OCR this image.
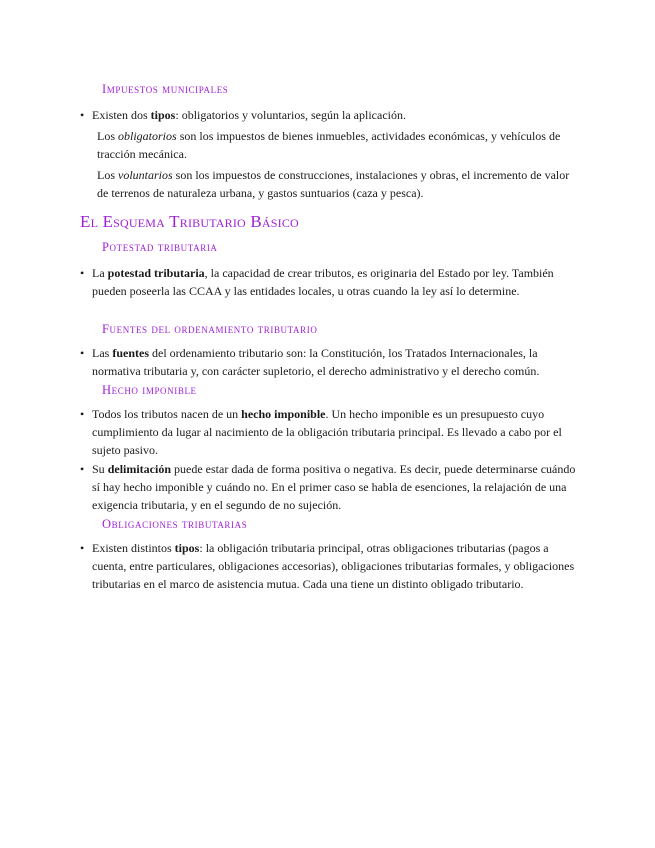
Impuestos municipales
• Existen dos tipos: obligatorios y voluntarios, según la aplicación.
Los obligatorios son los impuestos de bienes inmuebles, actividades económicas, y vehículos de tracción mecánica.
Los voluntarios son los impuestos de construcciones, instalaciones y obras, el incremento de valor de terrenos de naturaleza urbana, y gastos suntuarios (caza y pesca).
El Esquema Tributario Básico
Potestad tributaria
• La potestad tributaria, la capacidad de crear tributos, es originaria del Estado por ley. También pueden poseerla las CCAA y las entidades locales, u otras cuando la ley así lo determine.
Fuentes del ordenamiento tributario
• Las fuentes del ordenamiento tributario son: la Constitución, los Tratados Internacionales, la normativa tributaria y, con carácter supletorio, el derecho administrativo y el derecho común.
Hecho imponible
• Todos los tributos nacen de un hecho imponible. Un hecho imponible es un presupuesto cuyo cumplimiento da lugar al nacimiento de la obligación tributaria principal. Es llevado a cabo por el sujeto pasivo.
• Su delimitación puede estar dada de forma positiva o negativa. Es decir, puede determinarse cuándo sí hay hecho imponible y cuándo no. En el primer caso se habla de esenciones, la relajación de una exigencia tributaria, y en el segundo de no sujeción.
Obligaciones tributarias
• Existen distintos tipos: la obligación tributaria principal, otras obligaciones tributarias (pagos a cuenta, entre particulares, obligaciones accesorias), obligaciones tributarias formales, y obligaciones tributarias en el marco de asistencia mutua. Cada una tiene un distinto obligado tributario.
